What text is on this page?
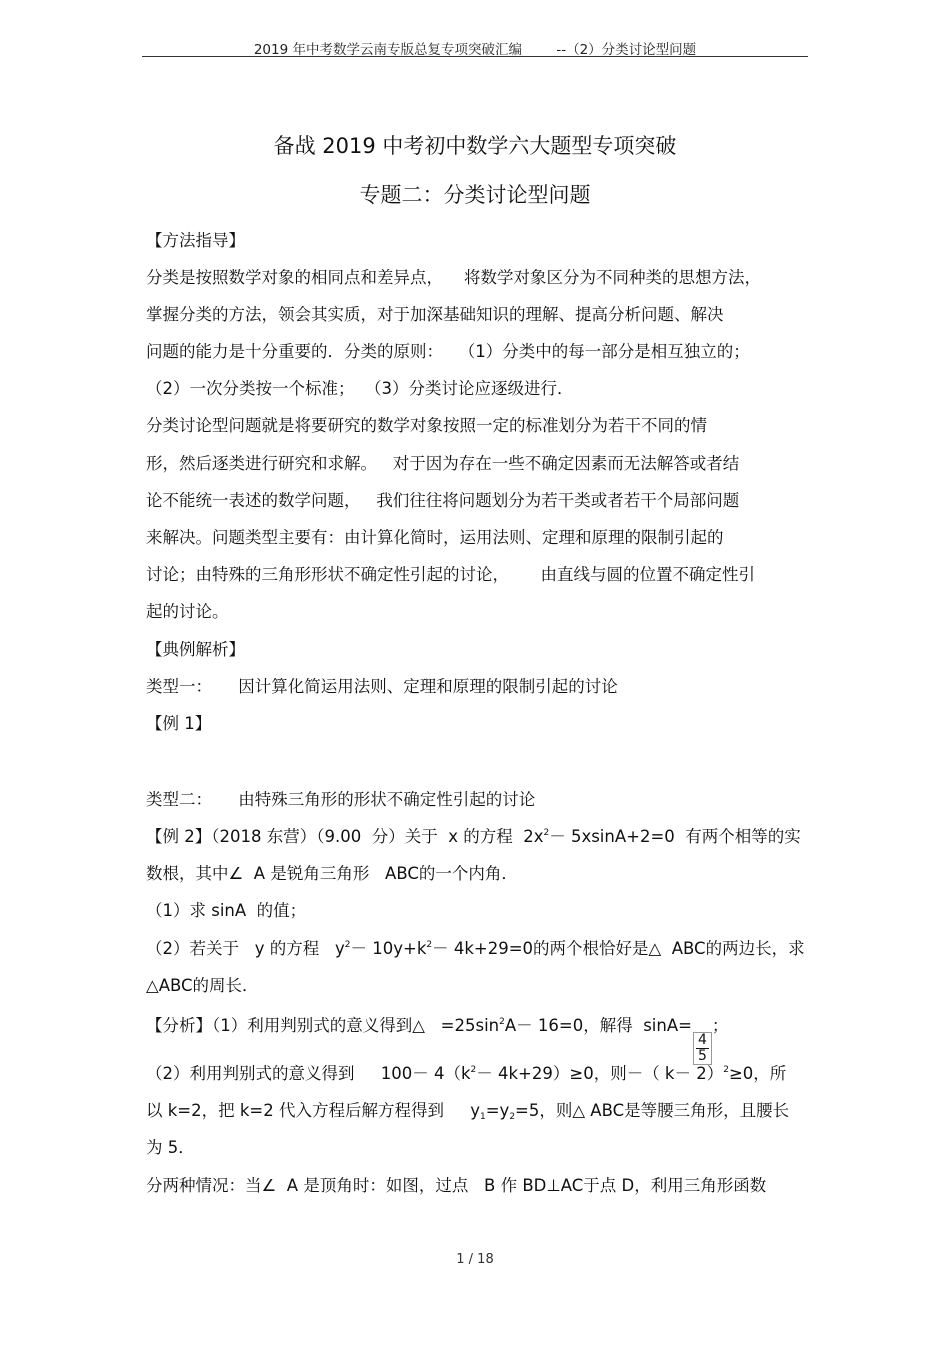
2019 年中考数学云南专版总复专项突破汇编        --（2）分类讨论型问题
备战 2019 中考初中数学六大题型专项突破
专题二：分类讨论型问题
【方法指导】
分类是按照数学对象的相同点和差异点，    将数学对象区分为不同种类的思想方法，
掌握分类的方法，领会其实质，对于加深基础知识的理解、提高分析问题、解决
问题的能力是十分重要的．分类的原则：   （1）分类中的每一部分是相互独立的；
（2）一次分类按一个标准；  （3）分类讨论应逐级进行．
分类讨论型问题就是将要研究的数学对象按照一定的标准划分为若干不同的情
形，然后逐类进行研究和求解。   对于因为存在一些不确定因素而无法解答或者结
论不能统一表述的数学问题，   我们往往将问题划分为若干类或者若干个局部问题
来解决。问题类型主要有：由计算化简时，运用法则、定理和原理的限制引起的
讨论；由特殊的三角形形状不确定性引起的讨论，      由直线与圆的位置不确定性引
起的讨论。
【典例解析】
类型一：     因计算化简运用法则、定理和原理的限制引起的讨论
【例 1】
类型二：     由特殊三角形的形状不确定性引起的讨论
【例 2】（2018 东营）（9.00  分）关于  x 的方程  $2x^2- 5xsinA+2=0$  有两个相等的实
数根，其中∠  A 是锐角三角形   ABC的一个内角．
（1）求 sinA  的值；
（2）若关于   y 的方程   $y^2- 10y+k^2- 4k+29=0$的两个根恰好是△  ABC的两边长，求
△ABC的周长．
【分析】（1）利用判别式的意义得到△   $=25\sin^2A- 16=0$，解得  sinA=
$\frac{4}{5}$
；
（2）利用判别式的意义得到     $100- 4(k^2- 4k+29)\ge 0$，则－（ k－ 2）$^2$≥0，所
以 k=2，把 k=2 代入方程后解方程得到     $y_1=y_2=5$，则△ ABC是等腰三角形，且腰长
为 5．
分两种情况：当∠  A 是顶角时：如图，过点   B 作 BD⊥AC于点 D，利用三角形函数
1 / 18
